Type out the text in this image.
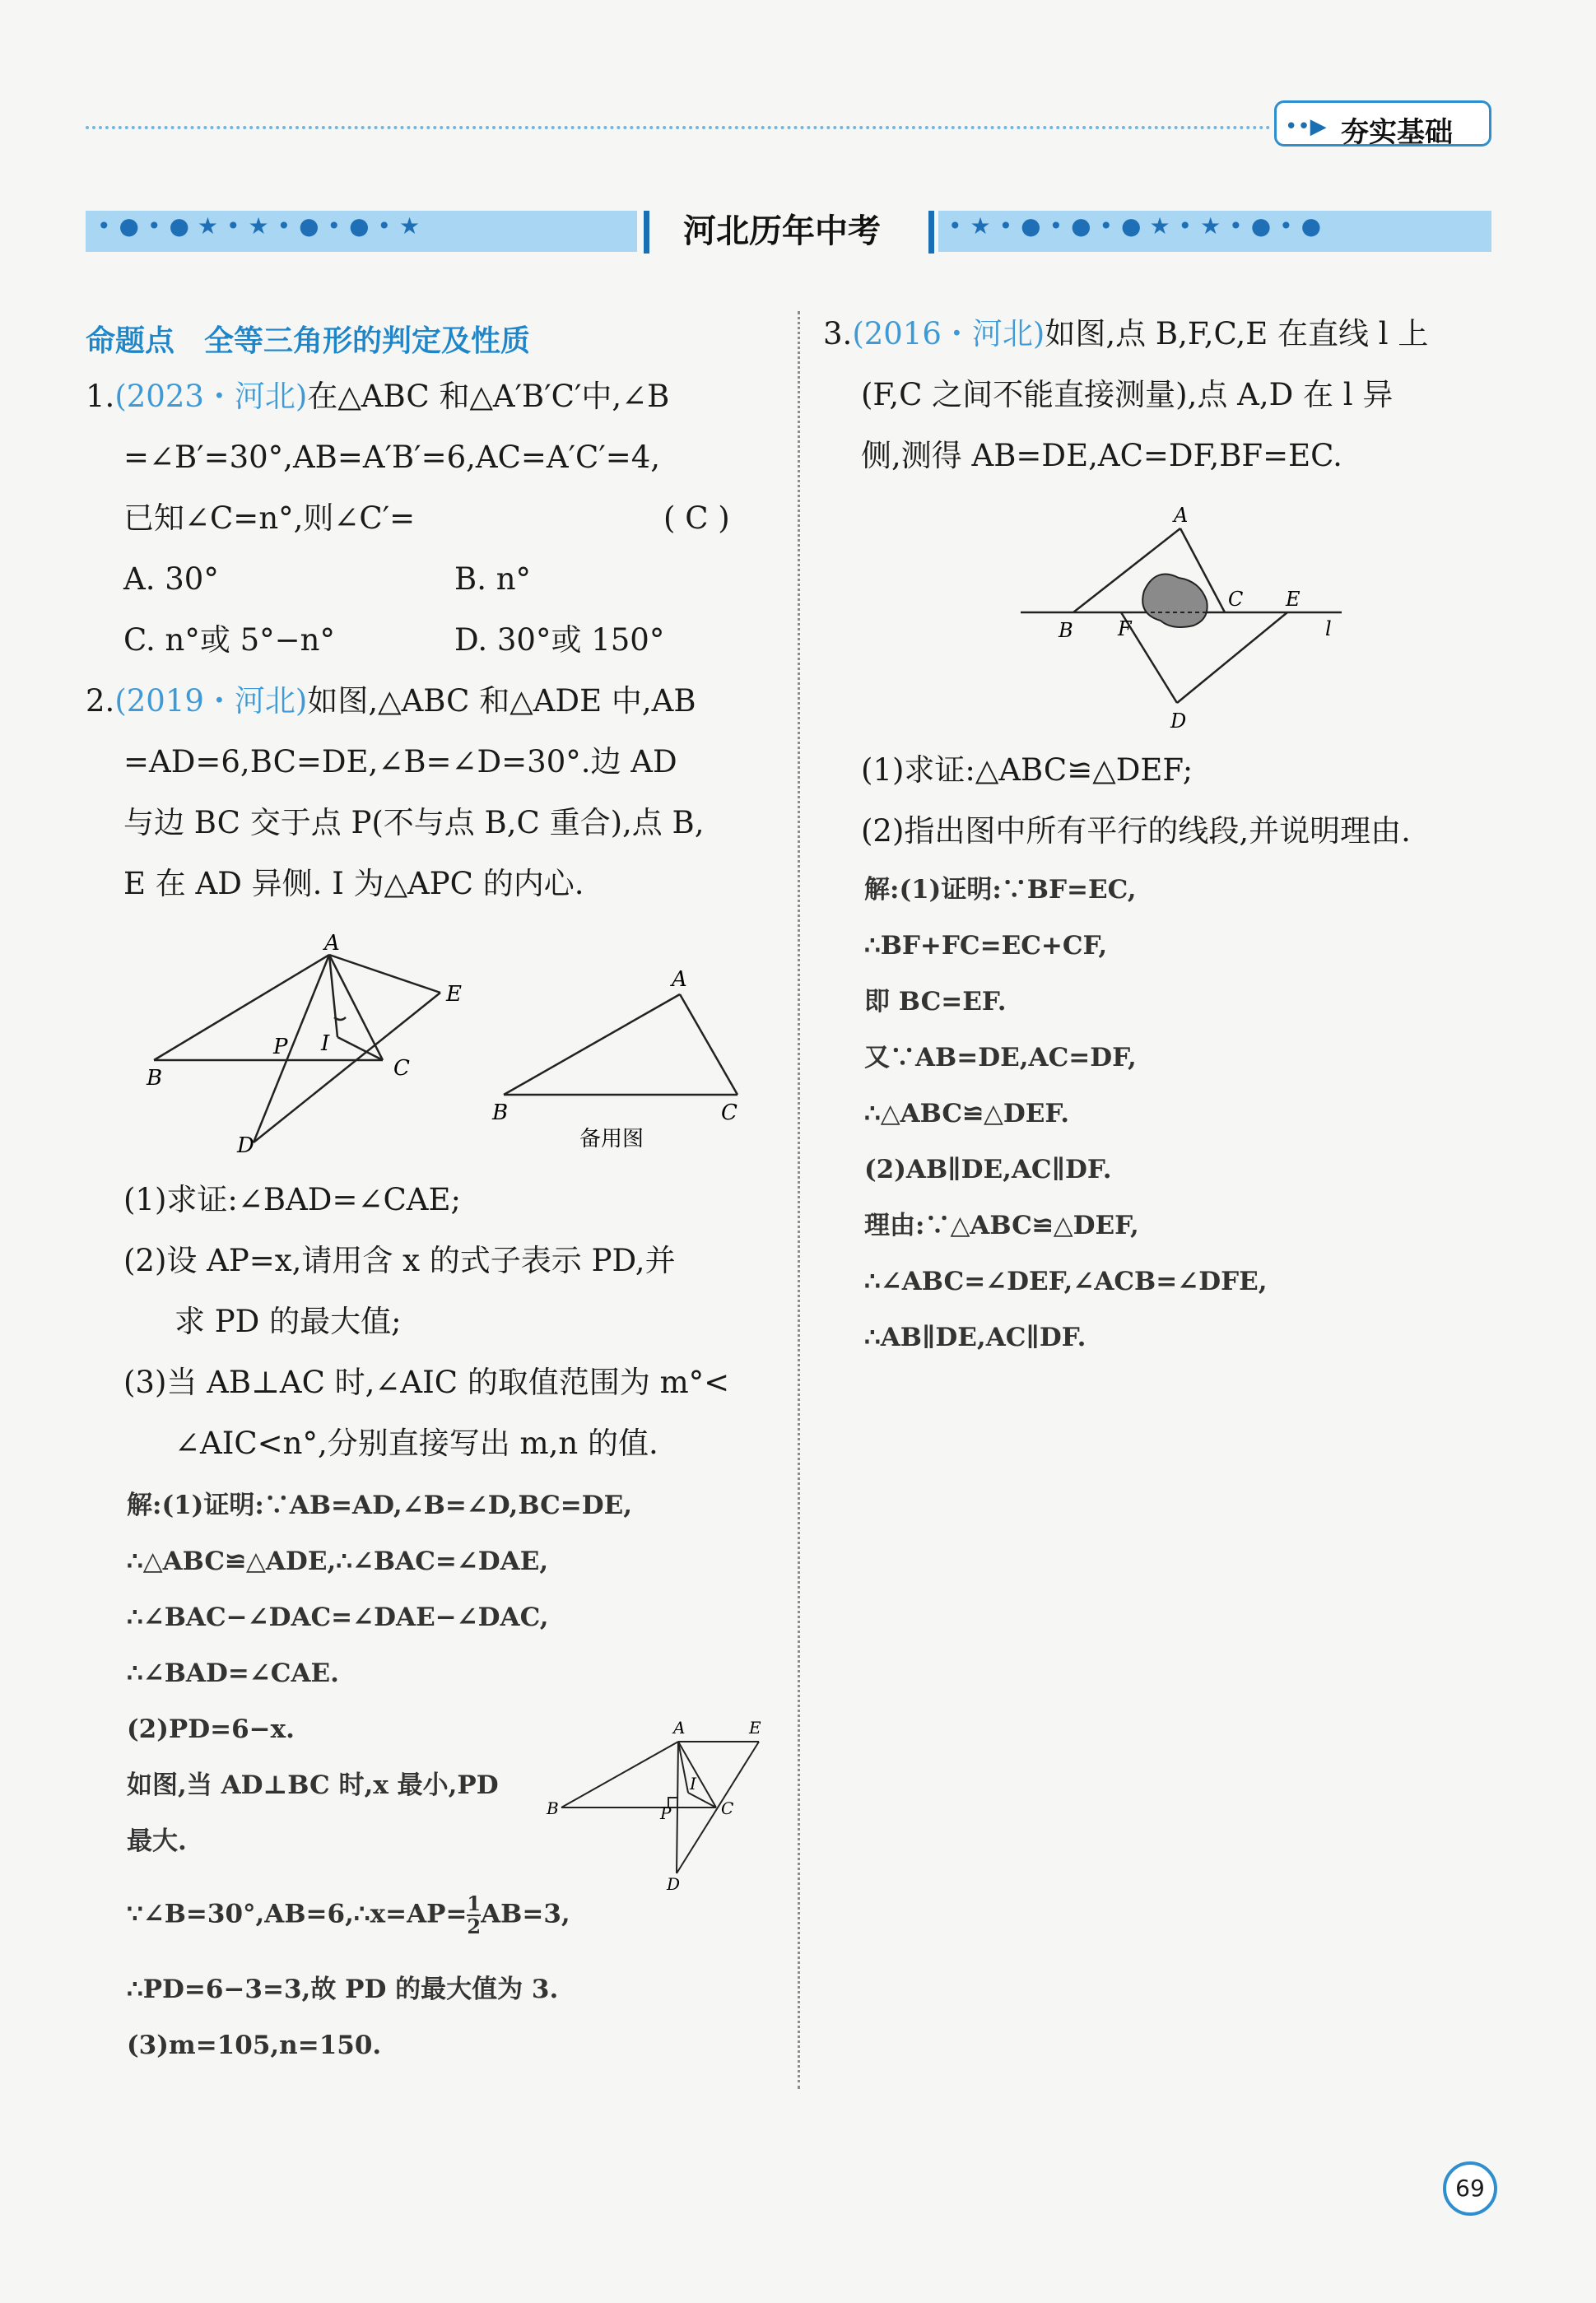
••▶ 夯实基础
•●•●★•★•●•●•★	•★•●•●•●★•★•●•●
河北历年中考
命题点　全等三角形的判定及性质
1.(2023・河北)在△ABC 和△A′B′C′中,∠B
=∠B′=30°,AB=A′B′=6,AC=A′C′=4,
已知∠C=n°,则∠C′=	( C )
A. 30°	B. n°
C. n°或 5°−n°	D. 30°或 150°
2.(2019・河北)如图,△ABC 和△ADE 中,AB
=AD=6,BC=DE,∠B=∠D=30°.边 AD
与边 BC 交于点 P(不与点 B,C 重合),点 B,
E 在 AD 异侧. I 为△APC 的内心.
A
B	C
D
E
P I
A
B	C
备用图
(1)求证:∠BAD=∠CAE;
(2)设 AP=x,请用含 x 的式子表示 PD,并
求 PD 的最大值;
(3)当 AB⊥AC 时,∠AIC 的取值范围为 m°<
∠AIC<n°,分别直接写出 m,n 的值.
解:(1)证明:∵AB=AD,∠B=∠D,BC=DE,
∴△ABC≌△ADE,∴∠BAC=∠DAE,
∴∠BAC−∠DAC=∠DAE−∠DAC,
∴∠BAD=∠CAE.
(2)PD=6−x.
如图,当 AD⊥BC 时,x 最小,PD
最大.
A	E
B	C
P
I
D
∵∠B=30°,AB=6,∴x=AP= $\frac{1}{2} AB=3$,
∴PD=6−3=3,故 PD 的最大值为 3.
(3)m=105,n=150.
3.(2016・河北)如图,点 B,F,C,E 在直线 l 上
(F,C 之间不能直接测量),点 A,D 在 l 异
侧,测得 AB=DE,AC=DF,BF=EC.
A
B F
C E
l
D
(1)求证:△ABC≌△DEF;
(2)指出图中所有平行的线段,并说明理由.
解:(1)证明:∵BF=EC,
∴BF+FC=EC+CF,
即 BC=EF.
又∵AB=DE,AC=DF,
∴△ABC≌△DEF.
(2)AB∥DE,AC∥DF.
理由:∵△ABC≌△DEF,
∴∠ABC=∠DEF,∠ACB=∠DFE,
∴AB∥DE,AC∥DF.
69
